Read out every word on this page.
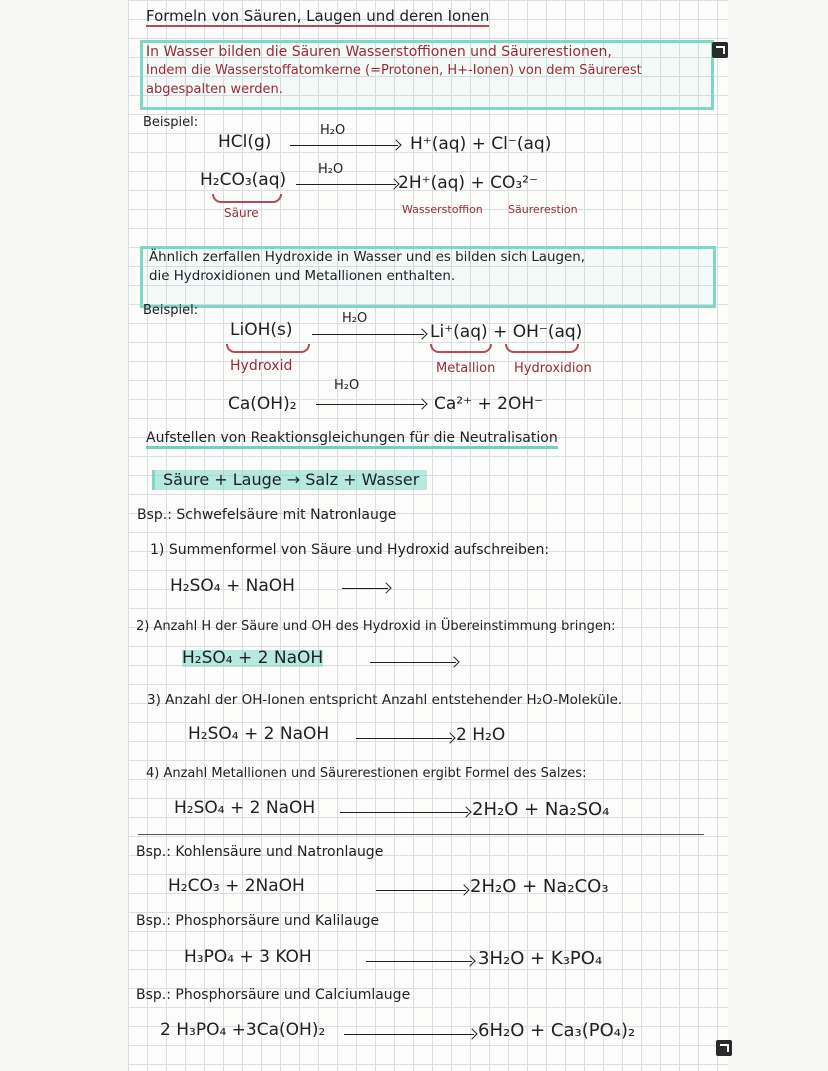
Formeln von Säuren, Laugen und deren Ionen
In Wasser bilden die Säuren Wasserstoffionen und Säurerestionen,
Indem die Wasserstoffatomkerne (=Protonen, H+-Ionen) von dem Säurerest
abgespalten werden.
Beispiel:
HCl(g)
H₂O
H⁺(aq) + Cl⁻(aq)
H₂CO₃(aq)
H₂O
2H⁺(aq) + CO₃²⁻
Säure	Wasserstoffion Säurerestion
Ähnlich zerfallen Hydroxide in Wasser und es bilden sich Laugen,
die Hydroxidionen und Metallionen enthalten.
Beispiel:
LiOH(s)
H₂O
Li⁺(aq) + OH⁻(aq)
Hydroxid	Metallion Hydroxidion
Ca(OH)₂
H₂O
Ca²⁺ + 2OH⁻
Aufstellen von Reaktionsgleichungen für die Neutralisation
Säure + Lauge → Salz + Wasser
Bsp.: Schwefelsäure mit Natronlauge
1) Summenformel von Säure und Hydroxid aufschreiben:
H₂SO₄ + NaOH
2) Anzahl H der Säure und OH des Hydroxid in Übereinstimmung bringen:
H₂SO₄ + 2 NaOH
3) Anzahl der OH-Ionen entspricht Anzahl entstehender H₂O-Moleküle.
H₂SO₄ + 2 NaOH	2 H₂O
4) Anzahl Metallionen und Säurerestionen ergibt Formel des Salzes:
H₂SO₄ + 2 NaOH	2H₂O + Na₂SO₄
Bsp.: Kohlensäure und Natronlauge
H₂CO₃ + 2NaOH	2H₂O + Na₂CO₃
Bsp.: Phosphorsäure und Kalilauge
H₃PO₄ + 3 KOH	3H₂O + K₃PO₄
Bsp.: Phosphorsäure und Calciumlauge
2 H₃PO₄ +3Ca(OH)₂	6H₂O + Ca₃(PO₄)₂
